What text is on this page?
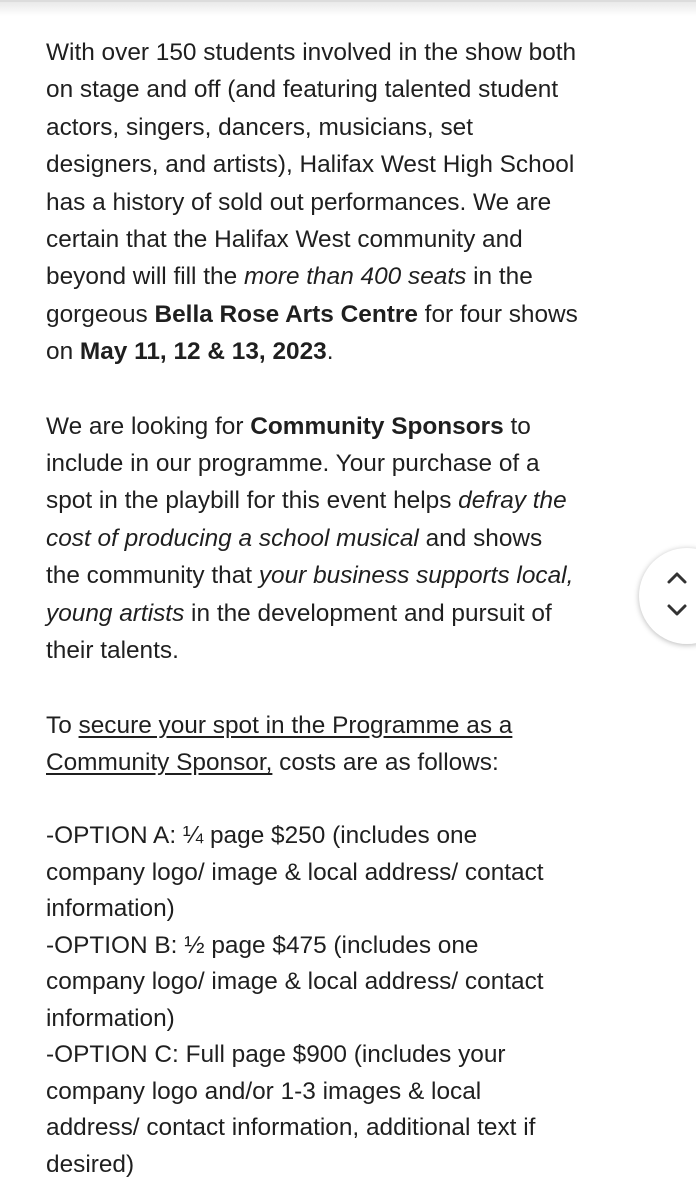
With over 150 students involved in the show both
on stage and off (and featuring talented student
actors, singers, dancers, musicians, set
designers, and artists), Halifax West High School
has a history of sold out performances. We are
certain that the Halifax West community and
beyond will fill the more than 400 seats in the
gorgeous Bella Rose Arts Centre for four shows
on May 11, 12 & 13, 2023.

We are looking for Community Sponsors to
include in our programme. Your purchase of a
spot in the playbill for this event helps defray the
cost of producing a school musical and shows
the community that your business supports local,
young artists in the development and pursuit of
their talents.

To secure your spot in the Programme as a
Community Sponsor, costs are as follows:

-OPTION A: ¼ page $250 (includes one
company logo/ image & local address/ contact
information)
-OPTION B: ½ page $475 (includes one
company logo/ image & local address/ contact
information)
-OPTION C: Full page $900 (includes your
company logo and/or 1-3 images & local
address/ contact information, additional text if
desired)
